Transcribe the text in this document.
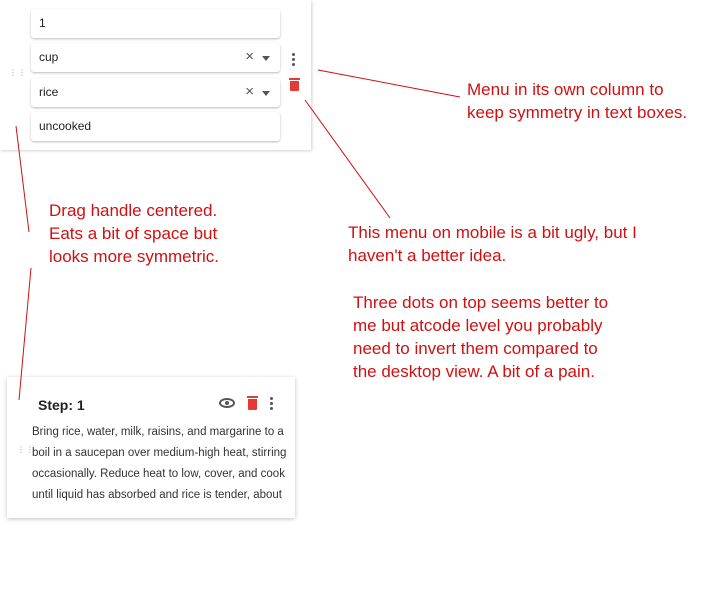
1
cup	×
rice	×
uncooked
⋮⋮
Step: 1
⋮⋮
Bring rice, water, milk, raisins, and margarine to a boil in a saucepan over medium-high heat, stirring occasionally. Reduce heat to low, cover, and cook until liquid has absorbed and rice is tender, about
Menu in its own column to keep symmetry in text boxes.
Drag handle centered. Eats a bit of space but looks more symmetric.
This menu on mobile is a bit ugly, but I haven't a better idea.
Three dots on top seems better to me but atcode level you probably need to invert them compared to the desktop view. A bit of a pain.
